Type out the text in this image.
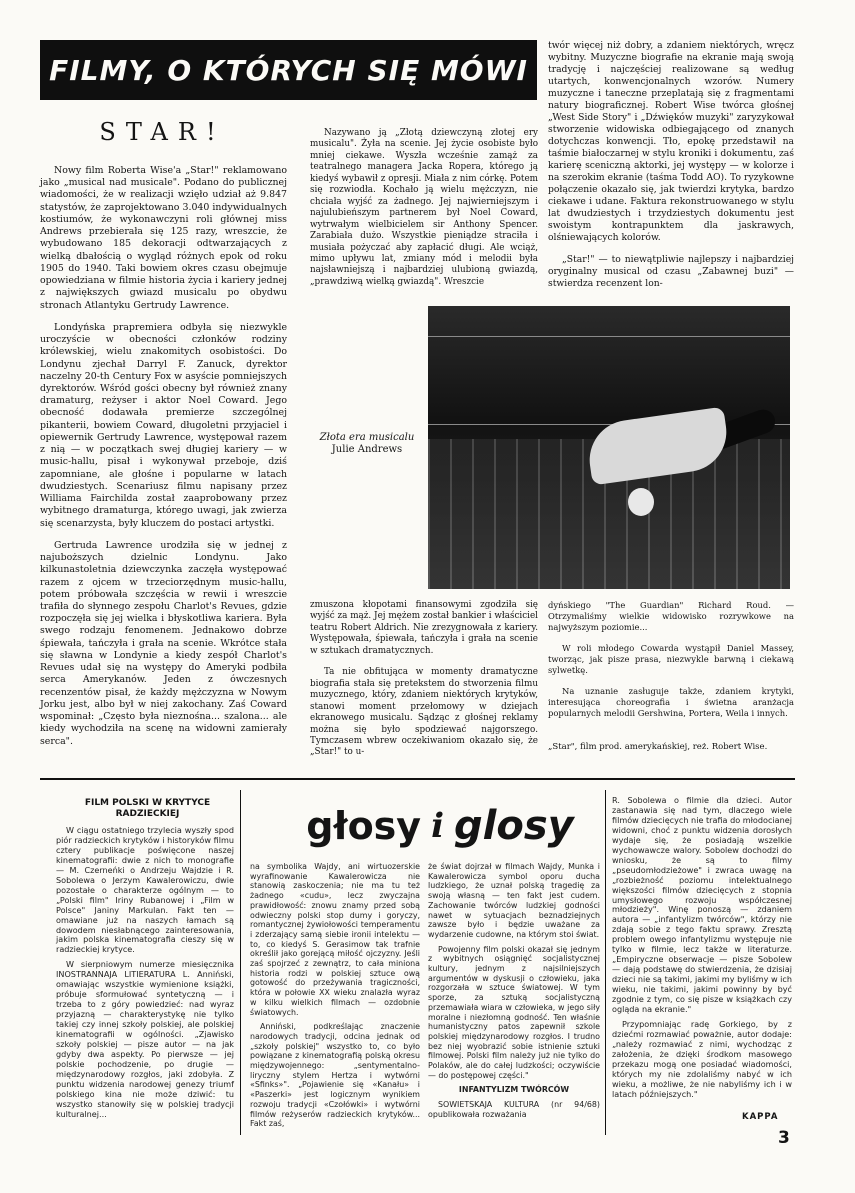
FILMY, O KTÓRYCH SIĘ MÓWI
STAR!

Nowy film Roberta Wise'a „Star!" reklamowano jako „musical nad musicale". Podano do publicznej wiadomości, że w realizacji wzięło udział aż 9.847 statystów, że zaprojektowano 3.040 indywidualnych kostiumów, że wykonawczyni roli głównej miss Andrews przebierała się 125 razy, wreszcie, że wybudowano 185 dekoracji odtwarzających z wielką dbałością o wygląd różnych epok od roku 1905 do 1940. Taki bowiem okres czasu obejmuje opowiedziana w filmie historia życia i kariery jednej z największych gwiazd musicalu po obydwu stronach Atlantyku Gertrudy Lawrence.

Londyńska prapremiera odbyła się niezwykle uroczyście w obecności członków rodziny królewskiej, wielu znakomitych osobistości. Do Londynu zjechał Darryl F. Zanuck, dyrektor naczelny 20-th Century Fox w asyście pomniejszych dyrektorów. Wśród gości obecny był również znany dramaturg, reżyser i aktor Noel Coward. Jego obecność dodawała premierze szczególnej pikanterii, bowiem Coward, długoletni przyjaciel i opiewernik Gertrudy Lawrence, występował razem z nią — w początkach swej długiej kariery — w music-hallu, pisał i wykonywał przeboje, dziś zapomniane, ale głośne i popularne w latach dwudziestych. Scenariusz filmu napisany przez Williama Fairchilda został zaaprobowany przez wybitnego dramaturga, którego uwagi, jak zwierza się scenarzysta, były kluczem do postaci artystki.

Gertruda Lawrence urodziła się w jednej z najuboższych dzielnic Londynu. Jako kilkunastoletnia dziewczynka zaczęła występować razem z ojcem w trzeciorzędnym music-hallu, potem próbowała szczęścia w rewii i wreszcie trafiła do słynnego zespołu Charlot's Revues, gdzie rozpoczęła się jej wielka i błyskotliwa kariera. Była swego rodzaju fenomenem. Jednakowo dobrze śpiewała, tańczyła i grała na scenie. Wkrótce stała się sławna w Londynie a kiedy zespół Charlot's Revues udał się na występy do Ameryki podbiła serca Amerykanów. Jeden z ówczesnych recenzentów pisał, że każdy mężczyzna w Nowym Jorku jest, albo był w niej zakochany. Zaś Coward wspominał: „Często była nieznośna... szalona... ale kiedy wychodziła na scenę na widowni zamierały serca".

Nazywano ją „Złotą dziewczyną złotej ery musicalu". Żyła na scenie. Jej życie osobiste było mniej ciekawe. Wyszła wcześnie zamąż za teatralnego managera Jacka Ropera, którego ją kiedyś wybawił z opresji. Miała z nim córkę. Potem się rozwiodła. Kochało ją wielu mężczyzn, nie chciała wyjść za żadnego. Jej najwierniejszym i najulubieńszym partnerem był Noel Coward, wytrwałym wielbicielem sir Anthony Spencer. Zarabiała dużo. Wszystkie pieniądze straciła i musiała pożyczać aby zapłacić długi. Ale wciąż, mimo upływu lat, zmiany mód i melodii była najsławniejszą i najbardziej ulubioną gwiazdą, „prawdziwą wielką gwiazdą". Wreszcie

twór więcej niż dobry, a zdaniem niektórych, wręcz wybitny. Muzyczne biografie na ekranie mają swoją tradycję i najczęściej realizowane są według utartych, konwencjonalnych wzorów. Numery muzyczne i taneczne przeplatają się z fragmentami natury biograficznej. Robert Wise twórca głośnej „West Side Story" i „Dźwięków muzyki" zaryzykował stworzenie widowiska odbiegającego od znanych dotychczas konwencji. Tło, epokę przedstawił na taśmie białoczarnej w stylu kroniki i dokumentu, zaś karierę sceniczną aktorki, jej występy — w kolorze i na szerokim ekranie (taśma Todd AO). To ryzykowne połączenie okazało się, jak twierdzi krytyka, bardzo ciekawe i udane. Faktura rekonstruowanego w stylu lat dwudziestych i trzydziestych dokumentu jest swoistym kontrapunktem dla jaskrawych, olśniewających kolorów.

„Star!" — to niewątpliwie najlepszy i najbardziej oryginalny musical od czasu „Zabawnej buzi" — stwierdza recenzent lon-

Złota era musicalu
Julie Andrews

zmuszona kłopotami finansowymi zgodziła się wyjść za mąż. Jej mężem został bankier i właściciel teatru Robert Aldrich. Nie zrezygnowała z kariery. Występowała, śpiewała, tańczyła i grała na scenie w sztukach dramatycznych.

Ta nie obfitująca w momenty dramatyczne biografia stała się pretekstem do stworzenia filmu muzycznego, który, zdaniem niektórych krytyków, stanowi moment przełomowy w dziejach ekranowego musicalu. Sądząc z głośnej reklamy można się było spodziewać najgorszego. Tymczasem wbrew oczekiwaniom okazało się, że „Star!" to u-

dyńskiego "The Guardian" Richard Roud. — Otrzymaliśmy wielkie widowisko rozrywkowe na najwyższym poziomie...

W roli młodego Cowarda wystąpił Daniel Massey, tworząc, jak pisze prasa, niezwykle barwną i ciekawą sylwetkę.

Na uznanie zasługuje także, zdaniem krytyki, interesująca choreografia i świetna aranżacja popularnych melodii Gershwina, Portera, Weila i innych.

„Star", film prod. amerykańskiej, reż. Robert Wise.
FILM POLSKI W KRYTYCE RADZIECKIEJ

W ciągu ostatniego trzylecia wyszły spod piór radzieckich krytyków i historyków filmu cztery publikacje poświęcone naszej kinematografii: dwie z nich to monografie — M. Czerneńki o Andrzeju Wajdzie i R. Sobolewa o Jerzym Kawalerowiczu, dwie pozostałe o charakterze ogólnym — to „Polski film" Iriny Rubanowej i „Film w Polsce" Janiny Markulan. Fakt ten — omawiane już na naszych łamach są dowodem niesłabnącego zainteresowania, jakim polska kinematografia cieszy się w radzieckiej krytyce.

W sierpniowym numerze miesięcznika INOSTRANNAJA LITIERATURA L. Anniński, omawiając wszystkie wymienione książki, próbuje sformułować syntetyczną — i trzeba to z góry powiedzieć: nad wyraz przyjazną — charakterystykę nie tylko takiej czy innej szkoły polskiej, ale polskiej kinematografii w ogólności. „Zjawisko szkoły polskiej — pisze autor — na jak gdyby dwa aspekty. Po pierwsze — jej polskie pochodzenie, po drugie — międzynarodowy rozgłos, jaki zdobyła. Z punktu widzenia narodowej genezy triumf polskiego kina nie może dziwić: tu wszystko stanowiły się w polskiej tradycji kulturalnej...

głosy i glosy

na symbolika Wajdy, ani wirtuozerskie wyrafinowanie Kawalerowicza nie stanowią zaskoczenia; nie ma tu też żadnego «cudu», lecz zwyczajna prawidłowość: znowu znamy przed sobą odwieczny polski stop dumy i goryczy, romantycznej żywiołowości temperamentu i zderzający samą siebie ironii intelektu — to, co kiedyś S. Gerasimow tak trafnie określił jako gorejącą miłość ojczyzny. Jeśli zaś spojrzeć z zewnątrz, to cała minionа historia rodzi w polskiej sztuce ową gotowość do przeżywania tragiczności, która w połowie XX wieku znalazła wyraz w kilku wielkich filmach — ozdobnie światowych.

Anniński, podkreślając znaczenie narodowych tradycji, odcina jednak od „szkoły polskiej" wszystko to, co było powiązane z kinematografią polską okresu międzywojennego: „sentymentalno-liryczny stylem Hertza i wytwórni «Sfinks»". „Pojawienie się «Kanału» i «Paszerki» jest logicznym wynikiem rozwoju tradycji «Czołówki» i wytwórni filmów reżyserów radzieckich krytyków... Fakt zaś,

że świat dojrzał w filmach Wajdy, Munka i Kawalerowicza symbol oporu ducha ludzkiego, że uznał polską tragedię za swoją własną — ten fakt jest cudem. Zachowanie twórców ludzkiej godności nawet w sytuacjach beznadziejnych zawsze było i będzie uważane za wydarzenie cudowne, na którym stoi świat.

Powojenny film polski okazał się jednym z wybitnych osiągnięć socjalistycznej kultury, jednym z najsilniejszych argumentów w dyskusji o człowieku, jaka rozgorzała w sztuce światowej. W tym sporze, za sztuką socjalistyczną przemawiała wiara w człowieka, w jego siły moralne i niezłomną godność. Ten właśnie humanistyczny patos zapewnił szkole polskiej międzynarodowy rozgłos. I trudno bez niej wyobrazić sobie istnienie sztuki filmowej. Polski film należy już nie tylko do Polaków, ale do całej ludzkości; oczywiście — do postępowej części."

INFANTYLIZM TWÓRCÓW

SOWIETSKAJA KULTURA (nr 94/68) opublikowała rozważania

R. Sobolewa o filmie dla dzieci. Autor zastanawia się nad tym, dlaczego wiele filmów dziecięcych nie trafia do młodocianej widowni, choć z punktu widzenia dorosłych wydaje się, że posiadają wszelkie wychowawcze walory. Sobolew dochodzi do wniosku, że są to filmy „pseudomłodzieżowe" i zwraca uwagę na „rozbieżność poziomu intelektualnego większości filmów dziecięcych z stopnia umysłowego rozwoju współczesnej młodzieży". Winę ponoszą — zdaniem autora — „infantylizm twórców", którzy nie zdają sobie z tego faktu sprawy. Zresztą problem owego infantylizmu występuje nie tylko w filmie, lecz także w literaturze. „Empiryczne obserwacje — pisze Sobolew — dają podstawę do stwierdzenia, że dzisiaj dzieci nie są takimi, jakimi my byliśmy w ich wieku, nie takimi, jakimi powinny by być zgodnie z tym, co się pisze w książkach czy ogląda na ekranie."

Przypomniając radę Gorkiego, by z dziećmi rozmawiać poważnie, autor dodaje: „należy rozmawiać z nimi, wychodząc z założenia, że dzięki środkom masowego przekazu mogą one posiadać wiadomości, których my nie zdolaliśmy nabyć w ich wieku, a możliwe, że nie nabyliśmy ich i w latach późniejszych."

KAPPA
3
